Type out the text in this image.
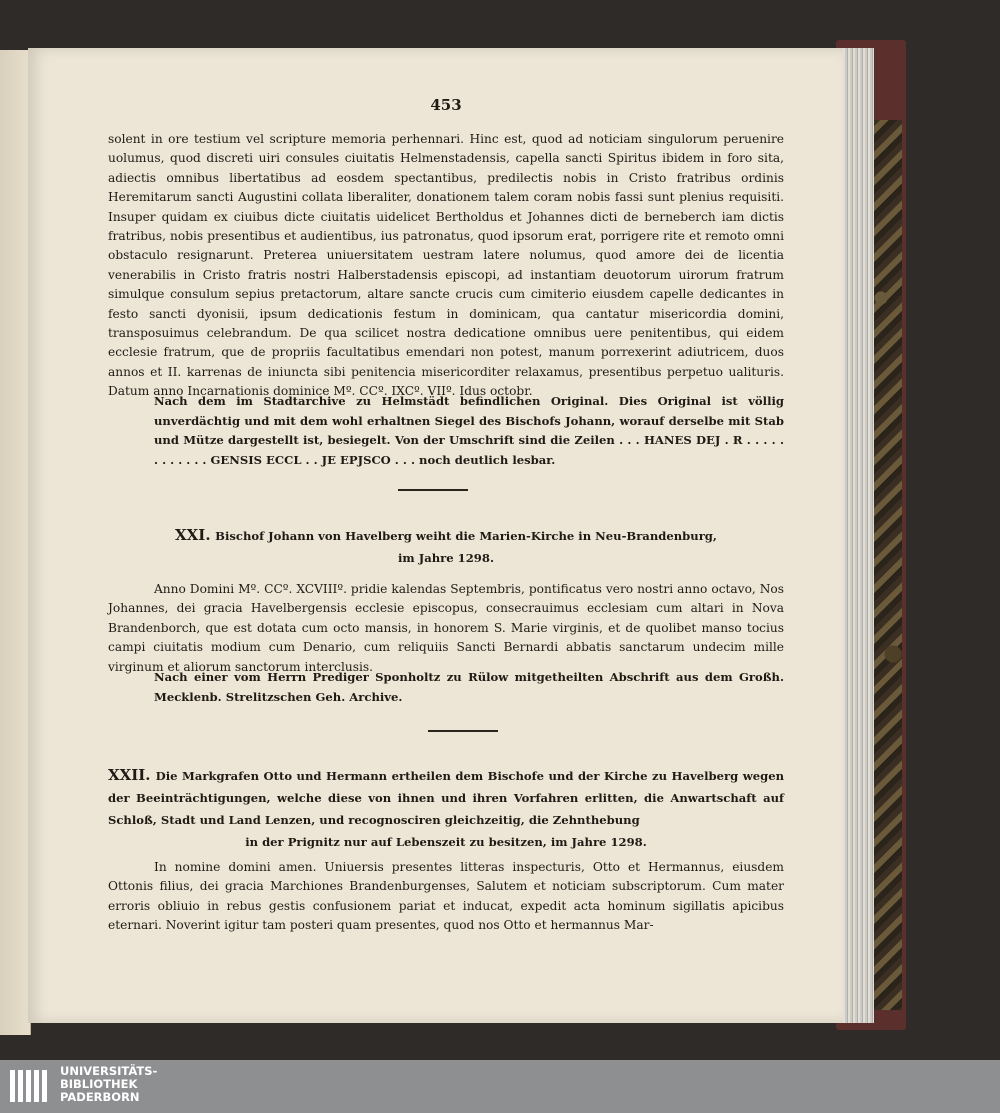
453
solent in ore testium vel scripture memoria perhennari. Hinc est, quod ad noticiam singulorum peruenire uolumus, quod discreti uiri consules ciuitatis Helmenstadensis, capella sancti Spiritus ibidem in foro sita, adiectis omnibus libertatibus ad eosdem spectantibus, predilectis nobis in Cristo fratribus ordinis Heremitarum sancti Augustini collata liberaliter, donationem talem coram nobis fassi sunt plenius requisiti. Insuper quidam ex ciuibus dicte ciuitatis uidelicet Bertholdus et Johannes dicti de berneberch iam dictis fratribus, nobis presentibus et audientibus, ius patronatus, quod ipsorum erat, porrigere rite et remoto omni obstaculo resignarunt. Preterea uniuersitatem uestram latere nolumus, quod amore dei de licentia venerabilis in Cristo fratris nostri Halberstadensis episcopi, ad instantiam deuotorum uirorum fratrum simulque consulum sepius pretactorum, altare sancte crucis cum cimiterio eiusdem capelle dedicantes in festo sancti dyonisii, ipsum dedicationis festum in dominicam, qua cantatur misericordia domini, transposuimus celebrandum. De qua scilicet nostra dedicatione omnibus uere penitentibus, qui eidem ecclesie fratrum, que de propriis facultatibus emendari non potest, manum porrexerint adiutricem, duos annos et II. karrenas de iniuncta sibi penitencia misericorditer relaxamus, presentibus perpetuo ualituris. Datum anno Incarnationis dominice Mº. CCº. IXCº. VIIº. Idus octobr.
Nach dem im Stadtarchive zu Helmstädt befindlichen Original. Dies Original ist völlig unverdächtig und mit dem wohl erhaltnen Siegel des Bischofs Johann, worauf derselbe mit Stab und Mütze dargestellt ist, besiegelt. Von der Umschrift sind die Zeilen . . . HANES DEJ . R . . . . . . . . . . . . GENSIS ECCL . . JE EPJSCO . . . noch deutlich lesbar.
XXI. Bischof Johann von Havelberg weiht die Marien-Kirche in Neu-Brandenburg,
im Jahre 1298.
Anno Domini Mº. CCº. XCVIIIº. pridie kalendas Septembris, pontificatus vero nostri anno octavo, Nos Johannes, dei gracia Havelbergensis ecclesie episcopus, consecrauimus ecclesiam cum altari in Nova Brandenborch, que est dotata cum octo mansis, in honorem S. Marie virginis, et de quolibet manso tocius campi ciuitatis modium cum Denario, cum reliquiis Sancti Bernardi abbatis sanctarum undecim mille virginum et aliorum sanctorum interclusis.
Nach einer vom Herrn Prediger Sponholtz zu Rülow mitgetheilten Abschrift aus dem Großh. Mecklenb. Strelitzschen Geh. Archive.
XXII. Die Markgrafen Otto und Hermann ertheilen dem Bischofe und der Kirche zu Havelberg wegen der Beeinträchtigungen, welche diese von ihnen und ihren Vorfahren erlitten, die Anwartschaft auf Schloß, Stadt und Land Lenzen, und recognosciren gleichzeitig, die Zehnthebung
in der Prignitz nur auf Lebenszeit zu besitzen, im Jahre 1298.
In nomine domini amen. Uniuersis presentes litteras inspecturis, Otto et Hermannus, eiusdem Ottonis filius, dei gracia Marchiones Brandenburgenses, Salutem et noticiam subscriptorum. Cum mater erroris obliuio in rebus gestis confusionem pariat et inducat, expedit acta hominum sigillatis apicibus eternari. Noverint igitur tam posteri quam presentes, quod nos Otto et hermannus Mar-
UNIVERSITÄTS-
BIBLIOTHEK
PADERBORN
